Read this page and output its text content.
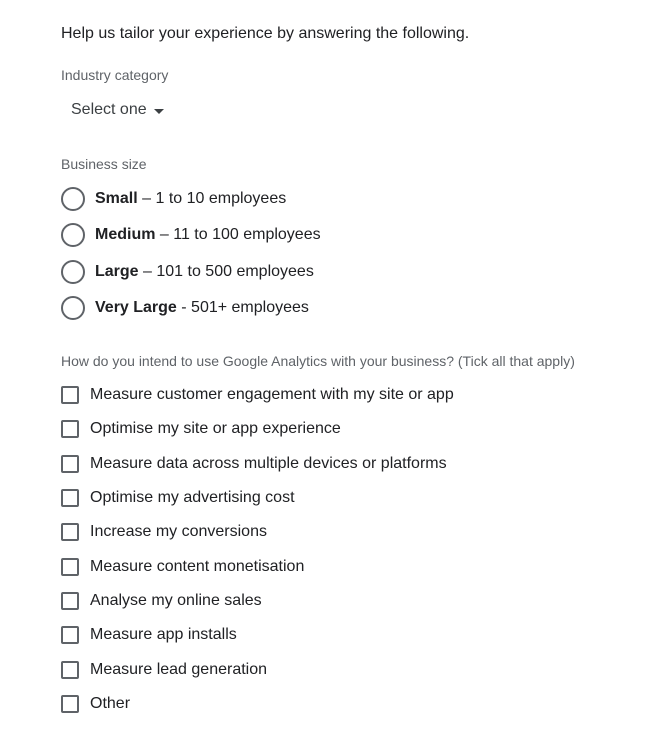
Help us tailor your experience by answering the following.
Industry category
Select one
Business size
Small – 1 to 10 employees
Medium – 11 to 100 employees
Large – 101 to 500 employees
Very Large - 501+ employees
How do you intend to use Google Analytics with your business? (Tick all that apply)
Measure customer engagement with my site or app
Optimise my site or app experience
Measure data across multiple devices or platforms
Optimise my advertising cost
Increase my conversions
Measure content monetisation
Analyse my online sales
Measure app installs
Measure lead generation
Other
